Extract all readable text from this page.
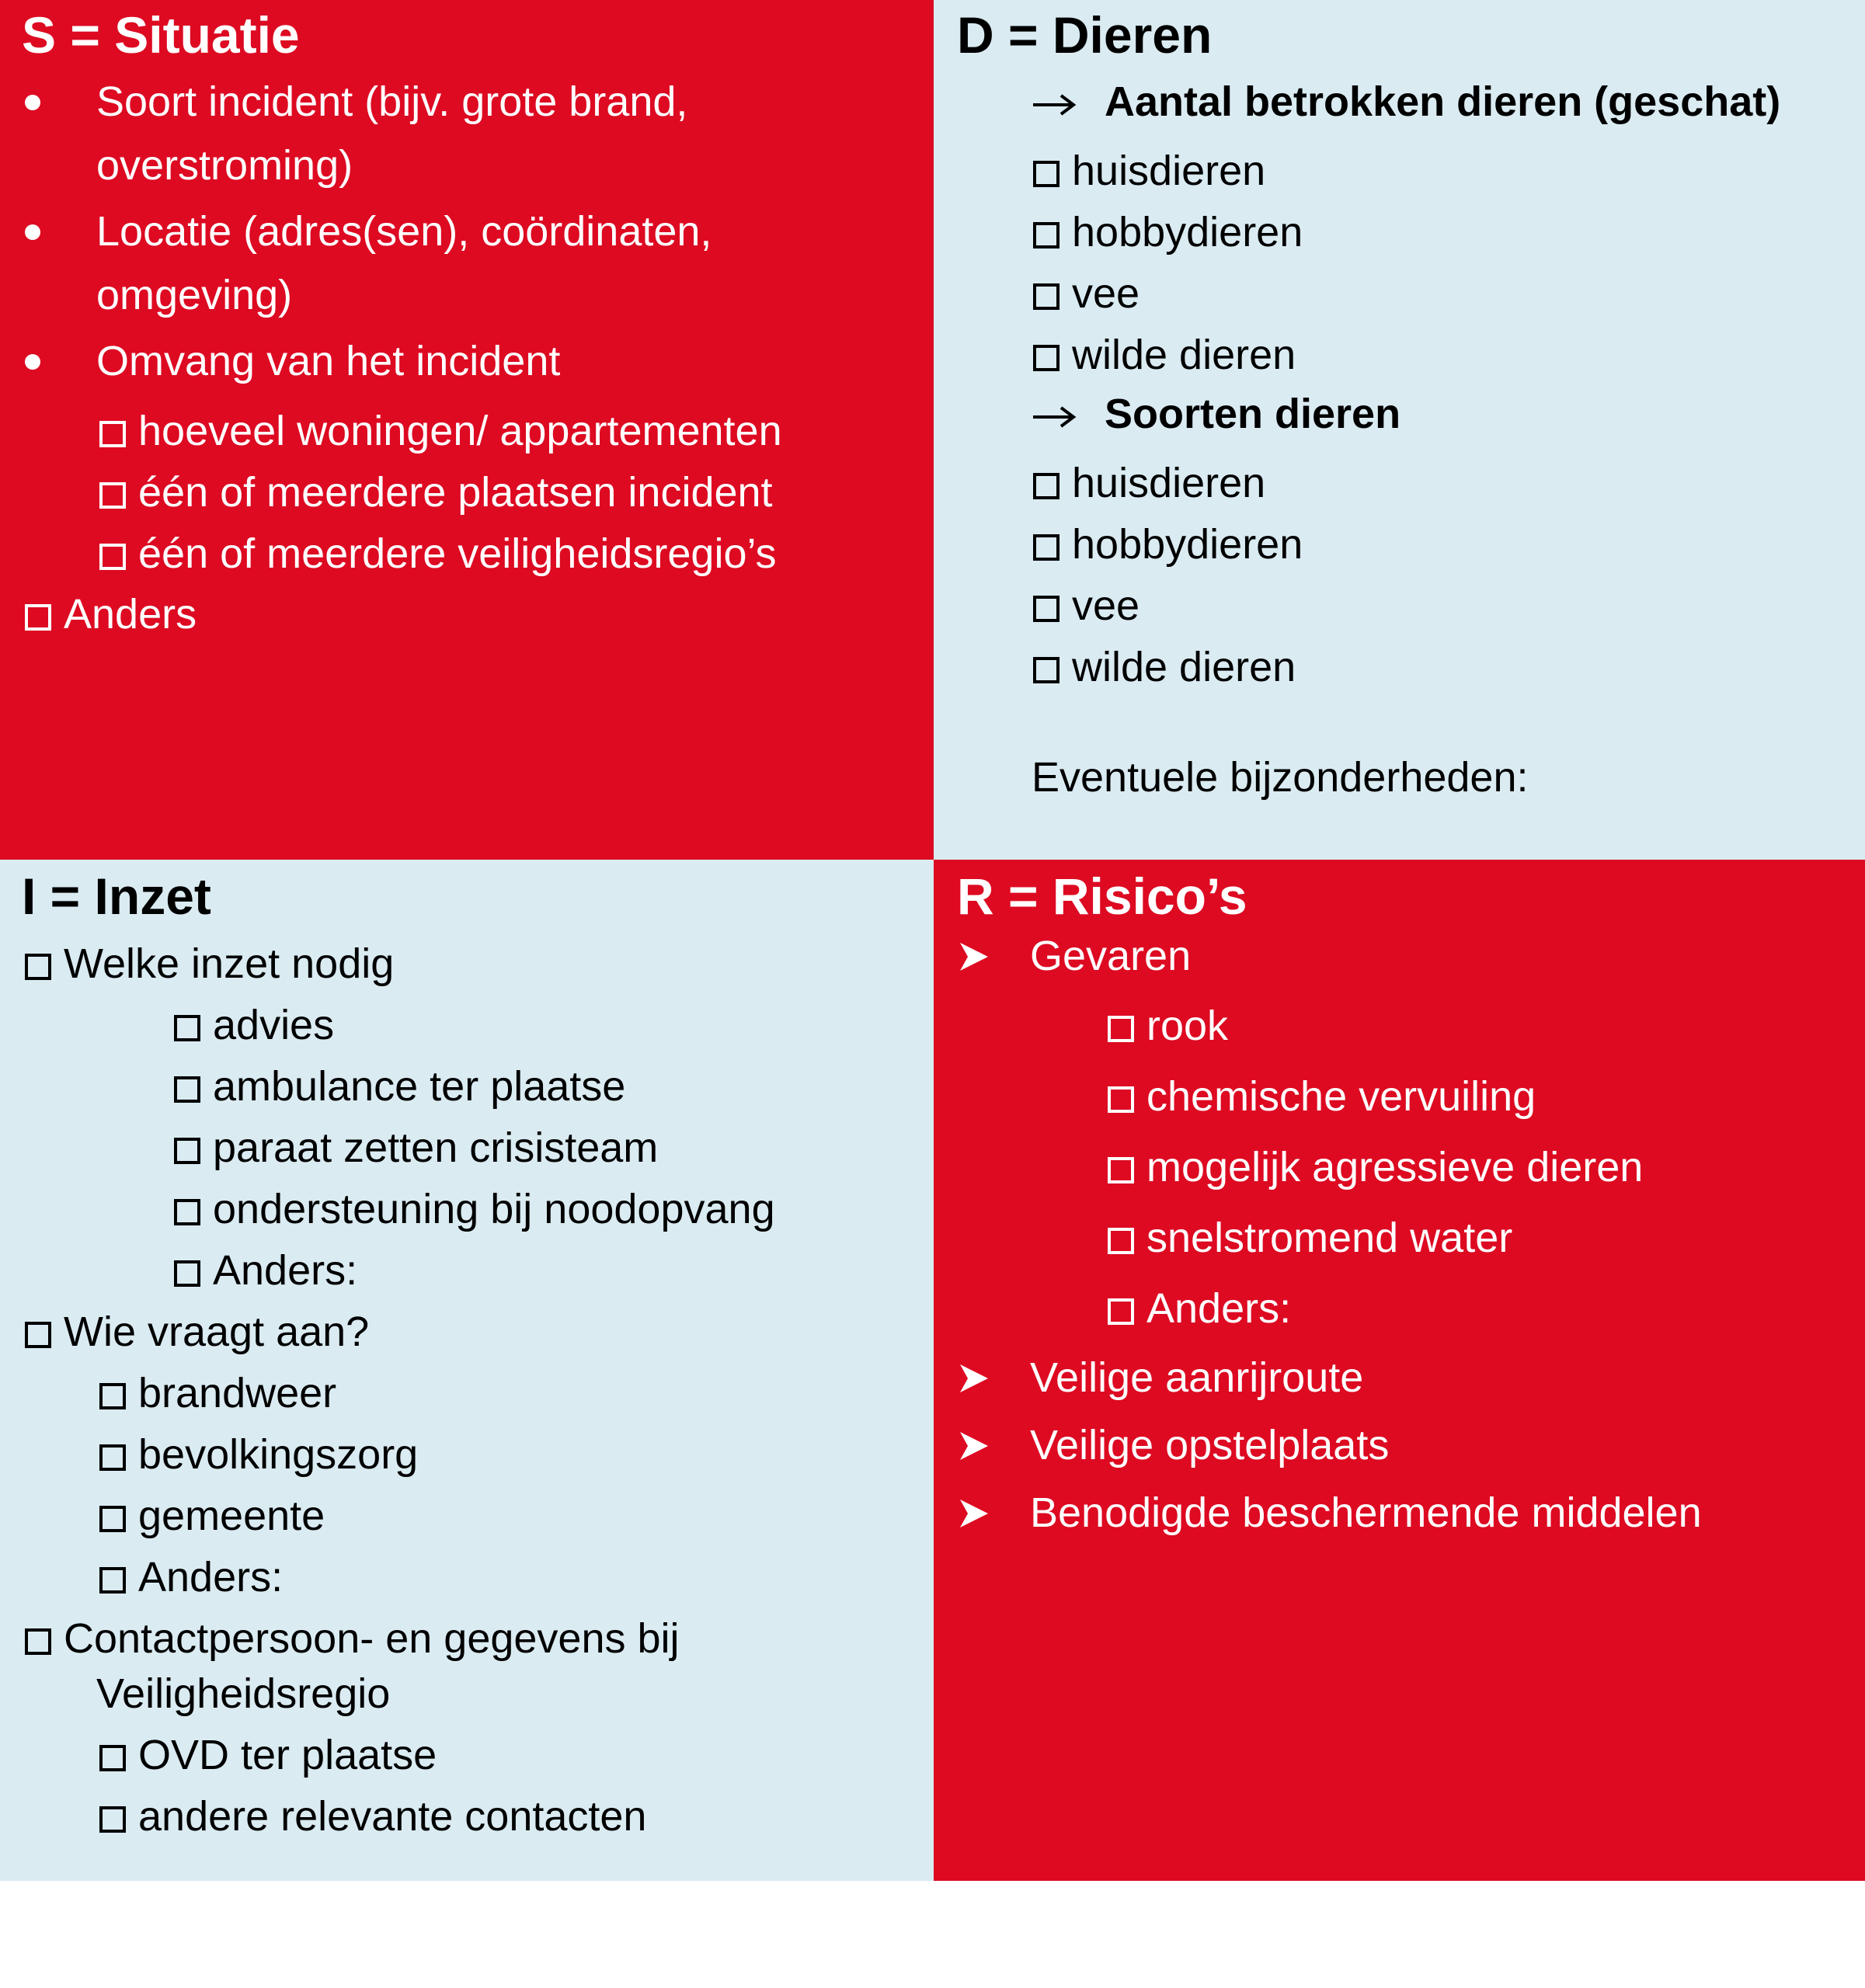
S = Situatie
Soort incident (bijv. grote brand,
overstroming)
Locatie (adres(sen), coördinaten,
omgeving)
Omvang van het incident
hoeveel woningen/ appartementen
één of meerdere plaatsen incident
één of meerdere veiligheidsregio’s
Anders
D = Dieren
Aantal betrokken dieren (geschat)
huisdieren
hobbydieren
vee
wilde dieren
Soorten dieren
huisdieren
hobbydieren
vee
wilde dieren
Eventuele bijzonderheden:
I = Inzet
Welke inzet nodig
advies
ambulance ter plaatse
paraat zetten crisisteam
ondersteuning bij noodopvang
Anders:
Wie vraagt aan?
brandweer
bevolkingszorg
gemeente
Anders:
Contactpersoon- en gegevens bij
Veiligheidsregio
OVD ter plaatse
andere relevante contacten
R = Risico’s
Gevaren
rook
chemische vervuiling
mogelijk agressieve dieren
snelstromend water
Anders:
Veilige aanrijroute
Veilige opstelplaats
Benodigde beschermende middelen
